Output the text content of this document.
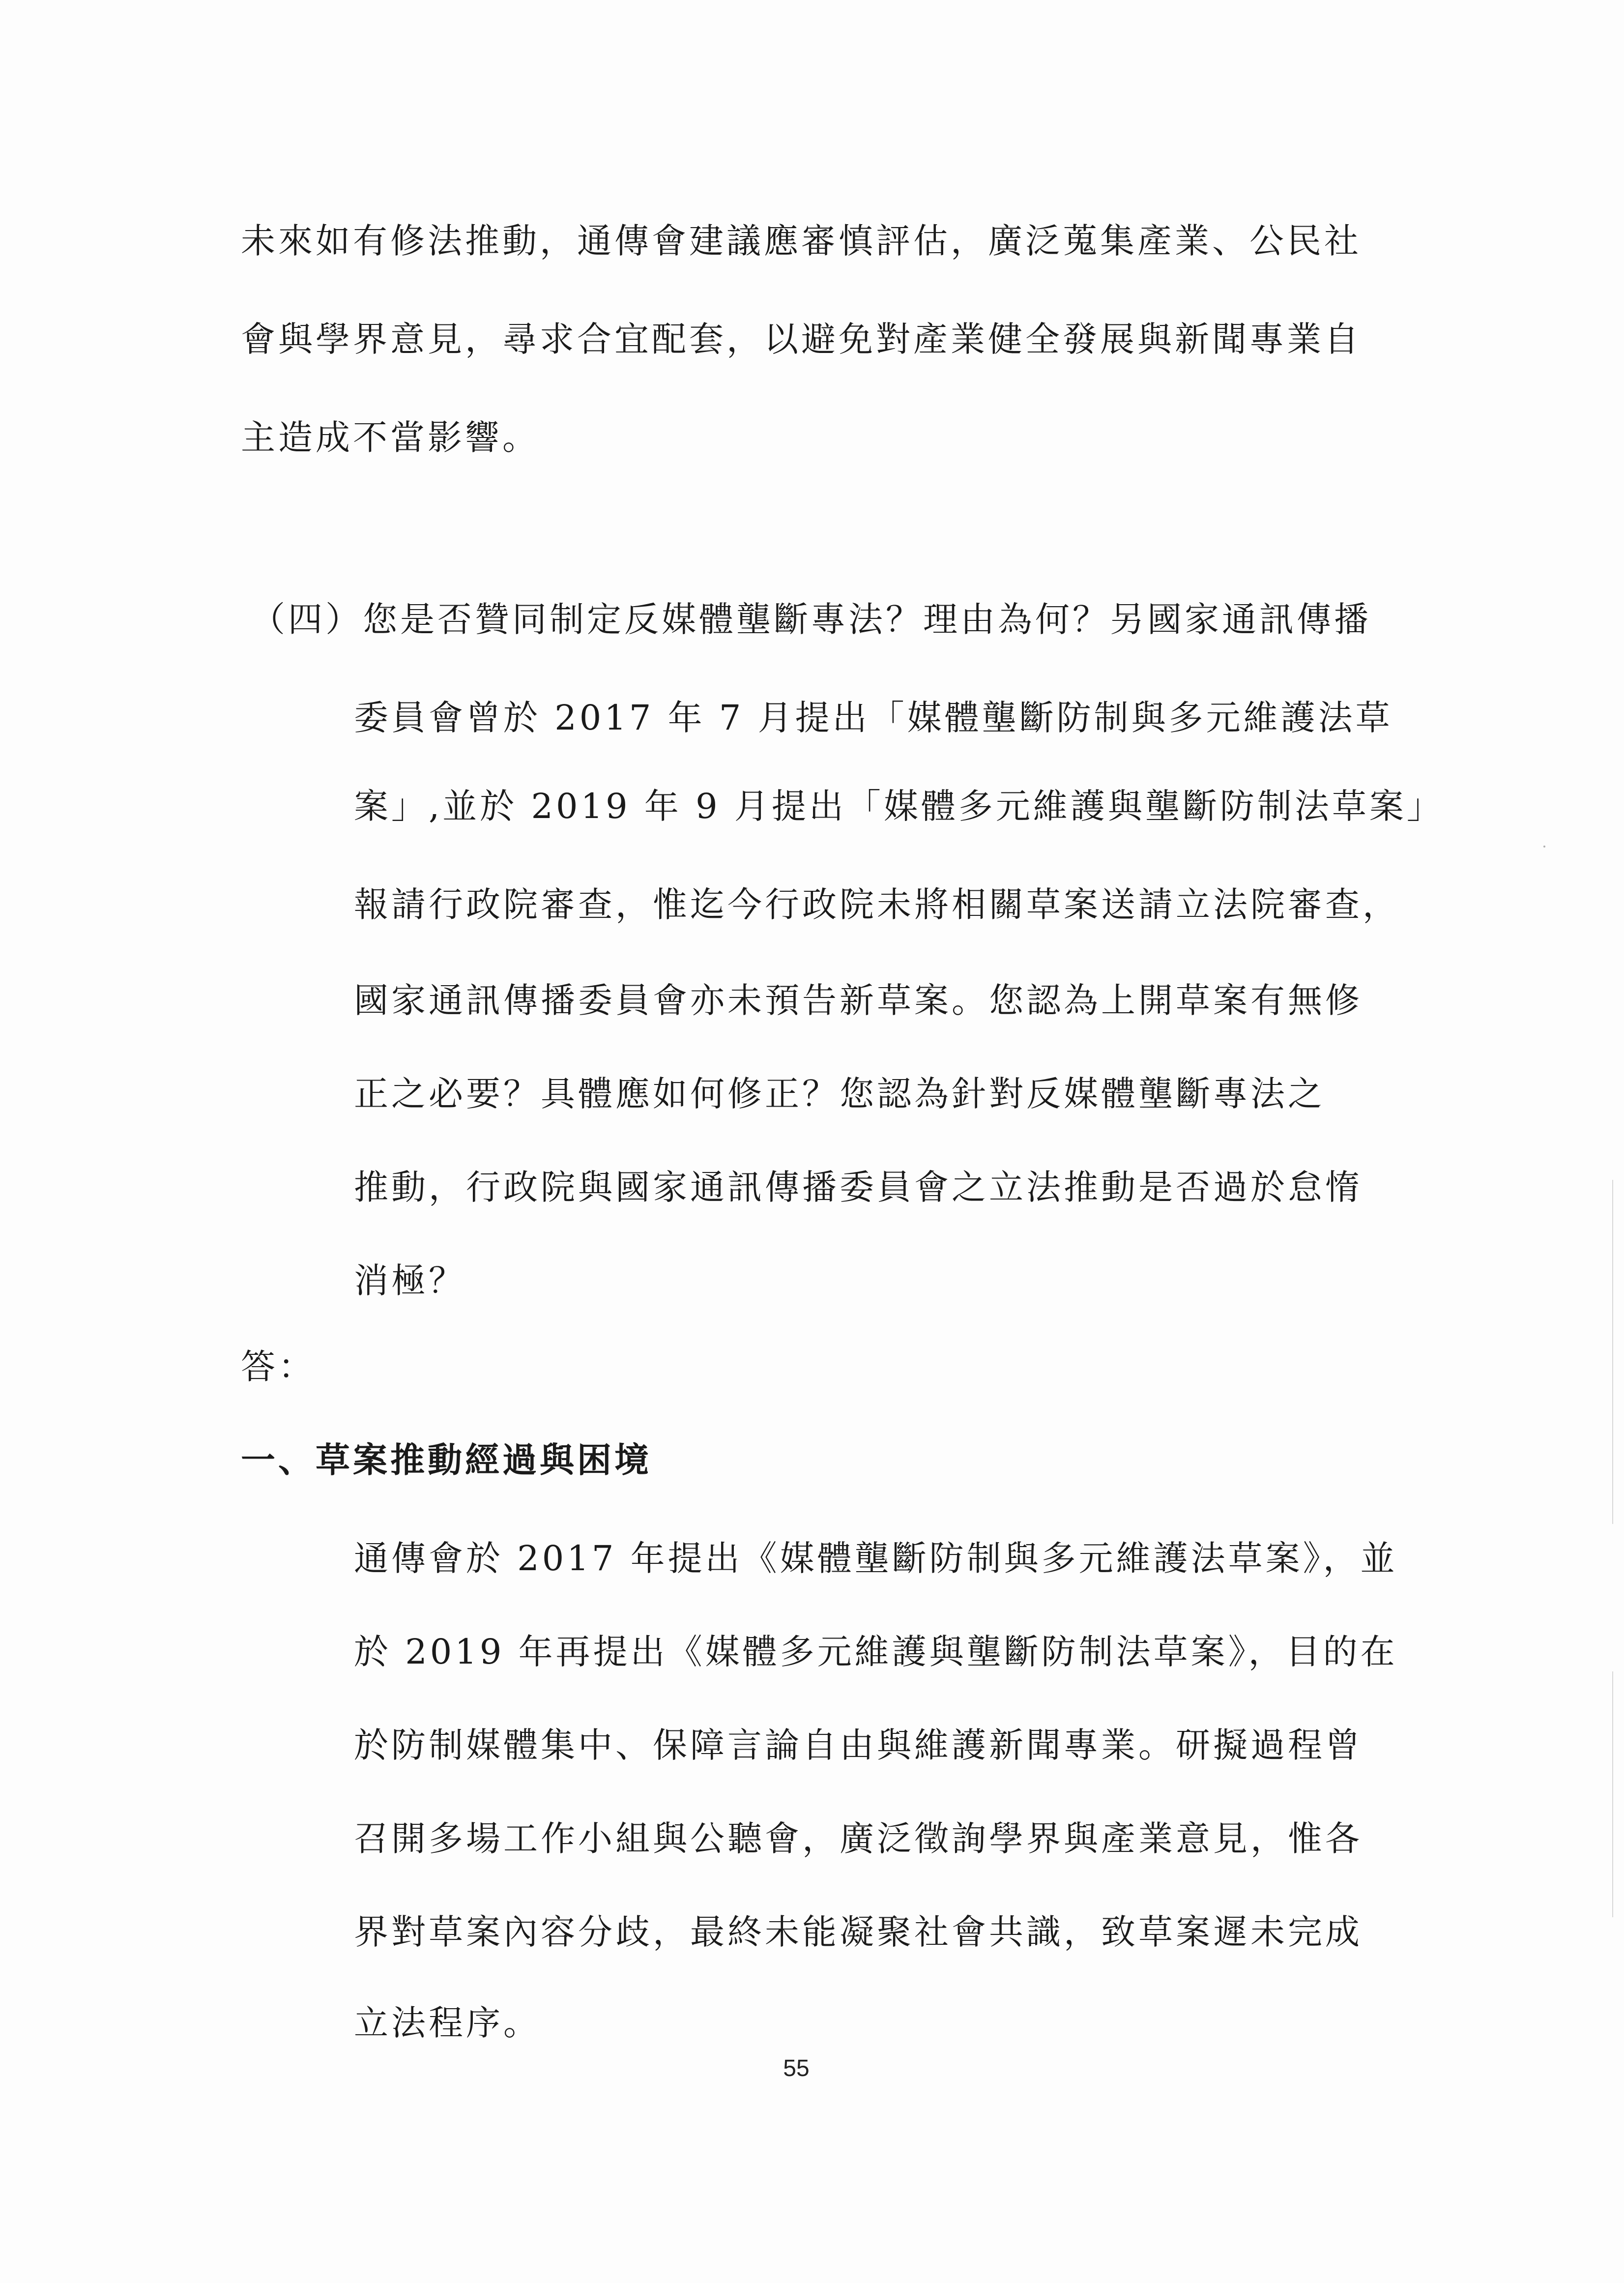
未來如有修法推動，通傳會建議應審慎評估，廣泛蒐集產業、公民社
會與學界意見，尋求合宜配套，以避免對產業健全發展與新聞專業自
主造成不當影響。
（四）您是否贊同制定反媒體壟斷專法？理由為何？另國家通訊傳播
委員會曾於 2017 年 7 月提出「媒體壟斷防制與多元維護法草
案」,並於 2019 年 9 月提出「媒體多元維護與壟斷防制法草案」
報請行政院審查，惟迄今行政院未將相關草案送請立法院審查，
國家通訊傳播委員會亦未預告新草案。您認為上開草案有無修
正之必要？具體應如何修正？您認為針對反媒體壟斷專法之
推動，行政院與國家通訊傳播委員會之立法推動是否過於怠惰
消極？
答：
一、草案推動經過與困境
通傳會於 2017 年提出《媒體壟斷防制與多元維護法草案》，並
於 2019 年再提出《媒體多元維護與壟斷防制法草案》，目的在
於防制媒體集中、保障言論自由與維護新聞專業。研擬過程曾
召開多場工作小組與公聽會，廣泛徵詢學界與產業意見，惟各
界對草案內容分歧，最終未能凝聚社會共識，致草案遲未完成
立法程序。
55
